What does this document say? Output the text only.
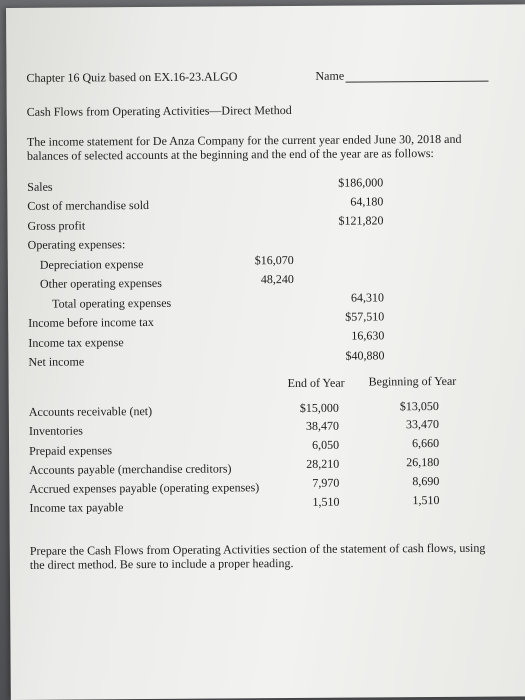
Chapter 16 Quiz based on EX.16-23.ALGO	Name
Cash Flows from Operating Activities—Direct Method
The income statement for De Anza Company for the current year ended June 30, 2018 and
balances of selected accounts at the beginning and the end of the year are as follows:
Sales	$186,000
Cost of merchandise sold	64,180
Gross profit	$121,820
Operating expenses:
Depreciation expense	$16,070
Other operating expenses	48,240
Total operating expenses	64,310
Income before income tax	$57,510
Income tax expense	16,630
Net income	$40,880
End of Year Beginning of Year
Accounts receivable (net)	$15,000	$13,050
Inventories	38,470	33,470
Prepaid expenses	6,050	6,660
Accounts payable (merchandise creditors)	28,210	26,180
Accrued expenses payable (operating expenses)	7,970	8,690
Income tax payable	1,510	1,510
Prepare the Cash Flows from Operating Activities section of the statement of cash flows, using
the direct method. Be sure to include a proper heading.
